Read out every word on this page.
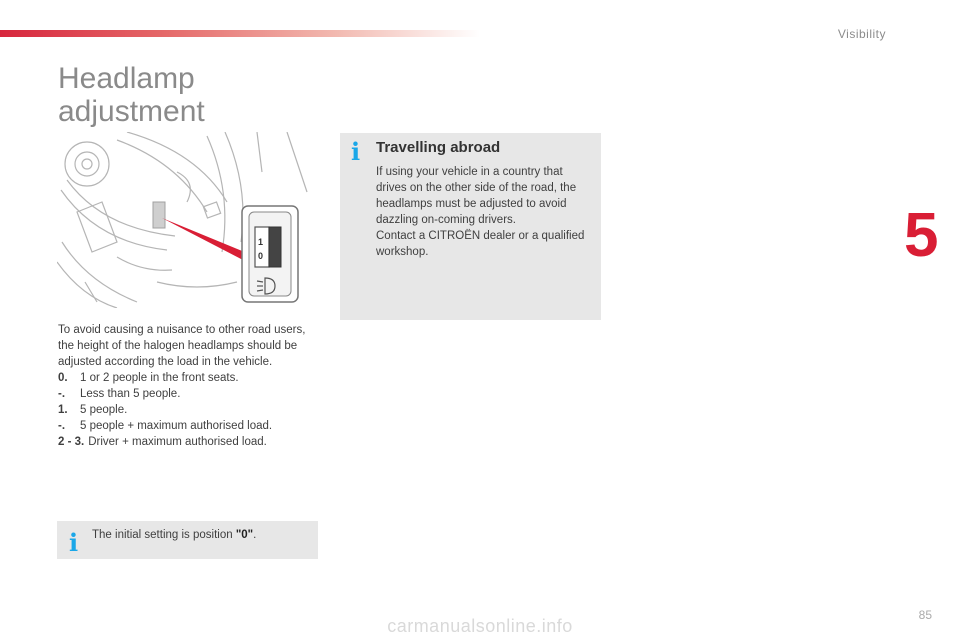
Visibility
5
Headlamp
adjustment
1
0

To avoid causing a nuisance to other road users, the height of the halogen headlamps should be adjusted according the load in the vehicle.

0.	1 or 2 people in the front seats.
-.	Less than 5 people.
1.	5 people.
-.	5 people + maximum authorised load.
2 - 3. Driver + maximum authorised load.
i The initial setting is position "0".
i Travelling abroad
If using your vehicle in a country that drives on the other side of the road, the headlamps must be adjusted to avoid dazzling on-coming drivers.
Contact a CITROËN dealer or a qualified workshop.
85
carmanualsonline.info
